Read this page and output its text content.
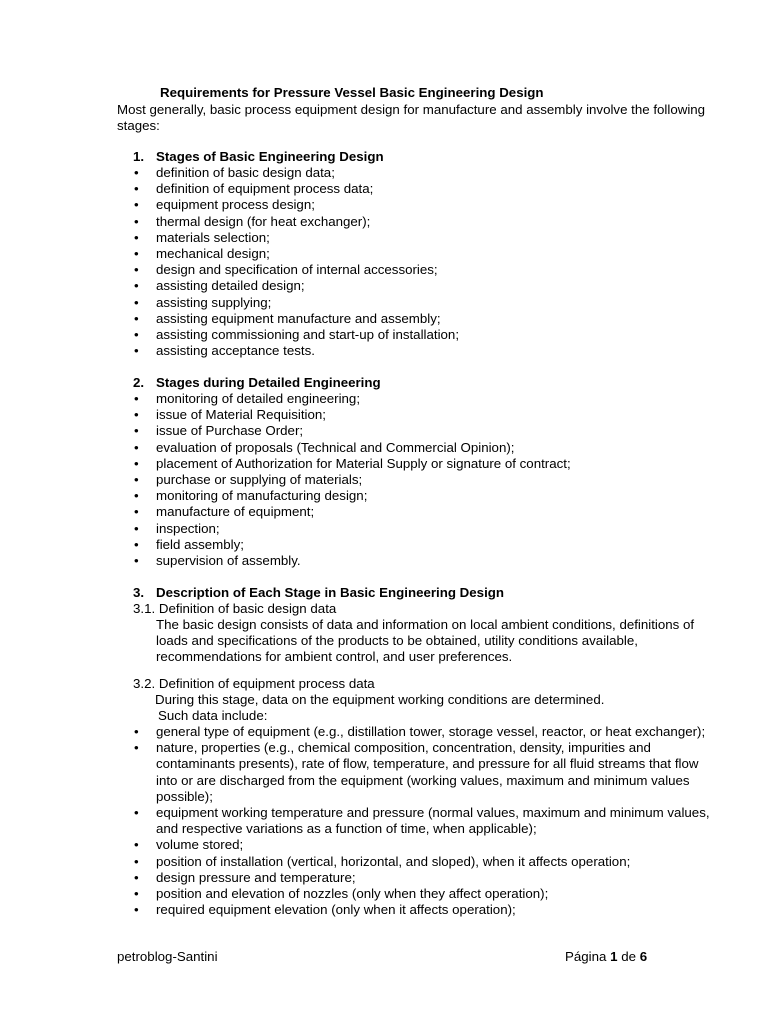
Requirements for Pressure Vessel Basic Engineering Design

Most generally, basic process equipment design for manufacture and assembly involve the following stages:

1. Stages of Basic Engineering Design
• definition of basic design data;
• definition of equipment process data;
• equipment process design;
• thermal design (for heat exchanger);
• materials selection;
• mechanical design;
• design and specification of internal accessories;
• assisting detailed design;
• assisting supplying;
• assisting equipment manufacture and assembly;
• assisting commissioning and start-up of installation;
• assisting acceptance tests.
2. Stages during Detailed Engineering
• monitoring of detailed engineering;
• issue of Material Requisition;
• issue of Purchase Order;
• evaluation of proposals (Technical and Commercial Opinion);
• placement of Authorization for Material Supply or signature of contract;
• purchase or supplying of materials;
• monitoring of manufacturing design;
• manufacture of equipment;
• inspection;
• field assembly;
• supervision of assembly.
3. Description of Each Stage in Basic Engineering Design
3.1. Definition of basic design data
The basic design consists of data and information on local ambient conditions, definitions of loads and specifications of the products to be obtained, utility conditions available, recommendations for ambient control, and user preferences.
3.2. Definition of equipment process data
During this stage, data on the equipment working conditions are determined.
Such data include:
• general type of equipment (e.g., distillation tower, storage vessel, reactor, or heat exchanger);
• nature, properties (e.g., chemical composition, concentration, density, impurities and contaminants presents), rate of flow, temperature, and pressure for all fluid streams that flow into or are discharged from the equipment (working values, maximum and minimum values possible);
• equipment working temperature and pressure (normal values, maximum and minimum values, and respective variations as a function of time, when applicable);
• volume stored;
• position of installation (vertical, horizontal, and sloped), when it affects operation;
• design pressure and temperature;
• position and elevation of nozzles (only when they affect operation);
• required equipment elevation (only when it affects operation);
petroblog-Santini	Página 1 de 6
